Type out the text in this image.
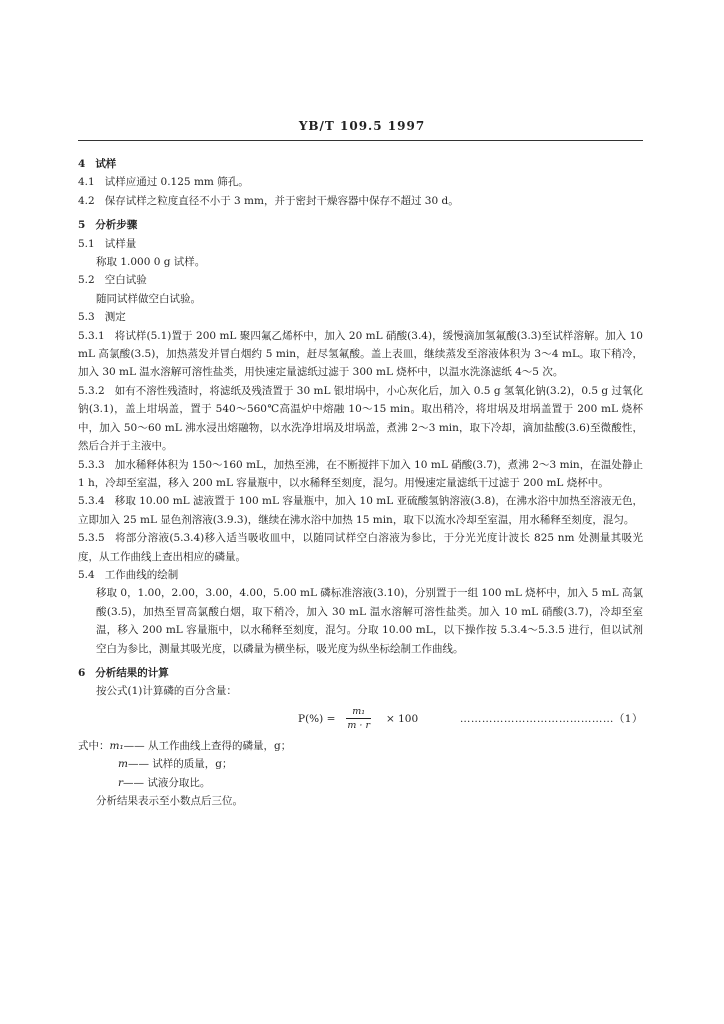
YB/T 109.5 1997
4 试样
4.1 试样应通过 0.125 mm 筛孔。
4.2 保存试样之粒度直径不小于 3 mm，并于密封干燥容器中保存不超过 30 d。
5 分析步骤
5.1 试样量
称取 1.000 0 g 试样。
5.2 空白试验
随同试样做空白试验。
5.3 测定
5.3.1 将试样(5.1)置于 200 mL 聚四氟乙烯杯中，加入 20 mL 硝酸(3.4)，缓慢滴加氢氟酸(3.3)至试样溶解。加入 10 mL 高氯酸(3.5)，加热蒸发并冒白烟约 5 min，赶尽氢氟酸。盖上表皿，继续蒸发至溶液体积为 3～4 mL。取下稍冷，加入 30 mL 温水溶解可溶性盐类，用快速定量滤纸过滤于 300 mL 烧杯中，以温水洗涤滤纸 4～5 次。
5.3.2 如有不溶性残渣时，将滤纸及残渣置于 30 mL 银坩埚中，小心灰化后，加入 0.5 g 氢氧化钠(3.2)，0.5 g 过氧化钠(3.1)，盖上坩埚盖，置于 540～560℃高温炉中熔融 10～15 min。取出稍冷，将坩埚及坩埚盖置于 200 mL 烧杯中，加入 50～60 mL 沸水浸出熔融物，以水洗净坩埚及坩埚盖，煮沸 2～3 min，取下冷却，滴加盐酸(3.6)至微酸性，然后合并于主液中。
5.3.3 加水稀释体积为 150～160 mL，加热至沸，在不断搅拌下加入 10 mL 硝酸(3.7)，煮沸 2～3 min，在温处静止 1 h，冷却至室温，移入 200 mL 容量瓶中，以水稀释至刻度，混匀。用慢速定量滤纸干过滤于 200 mL 烧杯中。
5.3.4 移取 10.00 mL 滤液置于 100 mL 容量瓶中，加入 10 mL 亚硫酸氢钠溶液(3.8)，在沸水浴中加热至溶液无色，立即加入 25 mL 显色剂溶液(3.9.3)，继续在沸水浴中加热 15 min，取下以流水冷却至室温，用水稀释至刻度，混匀。
5.3.5 将部分溶液(5.3.4)移入适当吸收皿中，以随同试样空白溶液为参比，于分光光度计波长 825 nm 处测量其吸光度，从工作曲线上查出相应的磷量。
5.4 工作曲线的绘制
移取 0，1.00，2.00，3.00，4.00，5.00 mL 磷标准溶液(3.10)，分别置于一组 100 mL 烧杯中，加入 5 mL 高氯酸(3.5)，加热至冒高氯酸白烟，取下稍冷，加入 30 mL 温水溶解可溶性盐类。加入 10 mL 硝酸(3.7)，冷却至室温，移入 200 mL 容量瓶中，以水稀释至刻度，混匀。分取 10.00 mL，以下操作按 5.3.4～5.3.5 进行，但以试剂空白为参比，测量其吸光度，以磷量为横坐标，吸光度为纵坐标绘制工作曲线。
6 分析结果的计算
按公式(1)计算磷的百分含量：
$P(\%) = \frac{\text{m₁}}{m \cdot r} \times 100$	……………………………………（1）
式中：m₁—— 从工作曲线上查得的磷量，g；
m—— 试样的质量，g；
r—— 试液分取比。
分析结果表示至小数点后三位。
